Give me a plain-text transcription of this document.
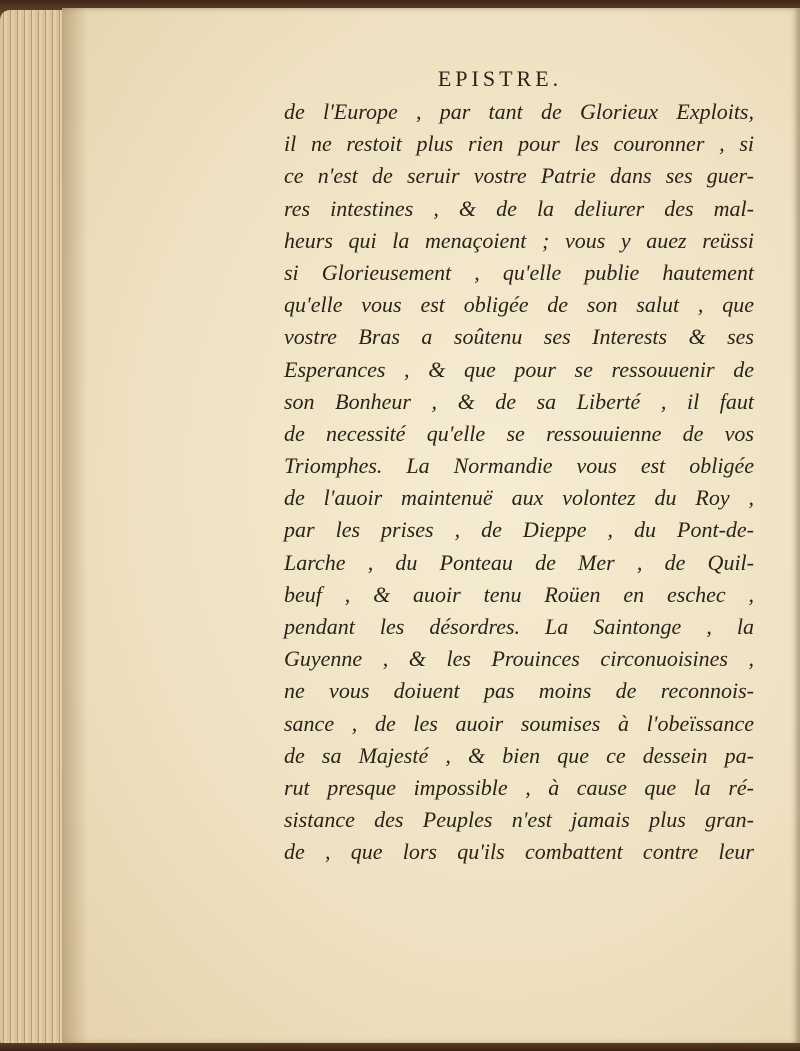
EPISTRE.
de l'Europe , par tant de Glorieux Exploits,
il ne restoit plus rien pour les couronner , si
ce n'est de seruir vostre Patrie dans ses guer-
res intestines , & de la deliurer des mal-
heurs qui la menaçoient ; vous y auez reüssi
si Glorieusement , qu'elle publie hautement
qu'elle vous est obligée de son salut , que
vostre Bras a soûtenu ses Interests & ses
Esperances , & que pour se ressouuenir de
son Bonheur , & de sa Liberté , il faut
de necessité qu'elle se ressouuienne de vos
Triomphes. La Normandie vous est obligée
de l'auoir maintenuë aux volontez du Roy ,
par les prises , de Dieppe , du Pont-de-
Larche , du Ponteau de Mer , de Quil-
beuf , & auoir tenu Roüen en eschec ,
pendant les désordres. La Saintonge , la
Guyenne , & les Prouinces circonuoisines ,
ne vous doiuent pas moins de reconnois-
sance , de les auoir soumises à l'obeïssance
de sa Majesté , & bien que ce dessein pa-
rut presque impossible , à cause que la ré-
sistance des Peuples n'est jamais plus gran-
de , que lors qu'ils combattent contre leur
